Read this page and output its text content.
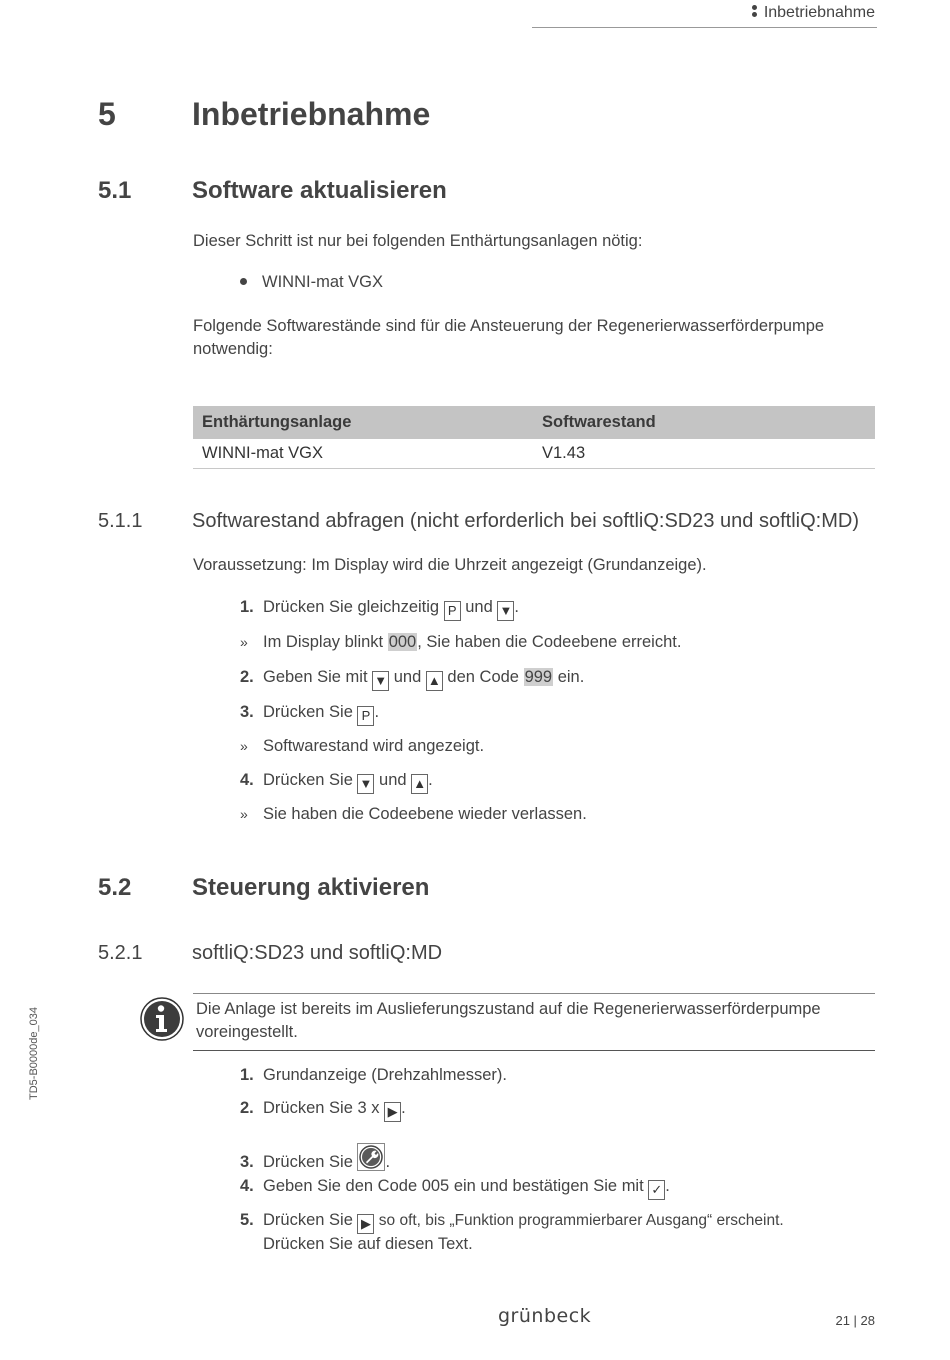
Inbetriebnahme
5 Inbetriebnahme
5.1	Software aktualisieren
Dieser Schritt ist nur bei folgenden Enthärtungsanlagen nötig:
WINNI-mat VGX
Folgende Softwarestände sind für die Ansteuerung der Regenerierwasserförderpumpe notwendig:
Enthärtungsanlage	Softwarestand
WINNI-mat VGX	V1.43
5.1.1 Softwarestand abfragen (nicht erforderlich bei softliQ:SD23 und softliQ:MD)
Voraussetzung: Im Display wird die Uhrzeit angezeigt (Grundanzeige).
1. Drücken Sie gleichzeitig P und ▼ .
» Im Display blinkt 000, Sie haben die Codeebene erreicht.
2. Geben Sie mit ▼ und ▲ den Code 999 ein.
3. Drücken Sie P .
» Softwarestand wird angezeigt.
4. Drücken Sie ▼ und ▲ .
» Sie haben die Codeebene wieder verlassen.
5.2	Steuerung aktivieren
5.2.1 softliQ:SD23 und softliQ:MD
Die Anlage ist bereits im Auslieferungszustand auf die Regenerierwasserförderpumpe voreingestellt.
1. Grundanzeige (Drehzahlmesser).
2. Drücken Sie 3 x ▶ .
3. Drücken Sie .
4. Geben Sie den Code 005 ein und bestätigen Sie mit ✓ .
5. Drücken Sie ▶ so oft, bis „Funktion programmierbarer Ausgang“ erscheint.
Drücken Sie auf diesen Text.
TD5-B0000de_034
grünbeck	21 | 28
